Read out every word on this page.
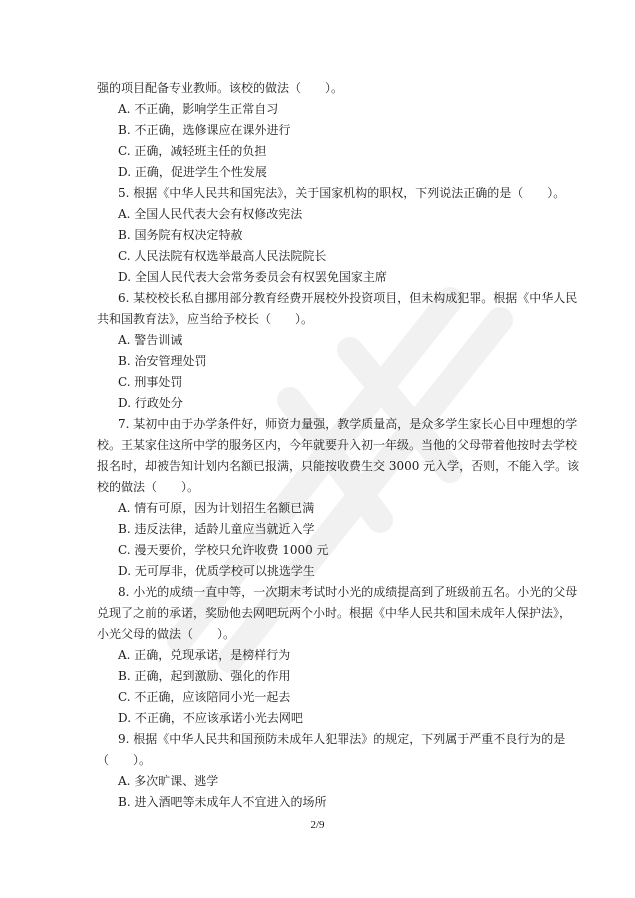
强的项目配备专业教师。该校的做法（　　）。
A. 不正确，影响学生正常自习
B. 不正确，选修课应在课外进行
C. 正确，减轻班主任的负担
D. 正确，促进学生个性发展
5. 根据《中华人民共和国宪法》，关于国家机构的职权，下列说法正确的是（　　）。
A. 全国人民代表大会有权修改宪法
B. 国务院有权决定特赦
C. 人民法院有权选举最高人民法院院长
D. 全国人民代表大会常务委员会有权罢免国家主席
6. 某校校长私自挪用部分教育经费开展校外投资项目，但未构成犯罪。根据《中华人民
共和国教育法》，应当给予校长（　　）。
A. 警告训诫
B. 治安管理处罚
C. 刑事处罚
D. 行政处分
7. 某初中由于办学条件好，师资力量强，教学质量高，是众多学生家长心目中理想的学
校。王某家住这所中学的服务区内，今年就要升入初一年级。当他的父母带着他按时去学校
报名时，却被告知计划内名额已报满，只能按收费生交 3000 元入学，否则，不能入学。该
校的做法（　　）。
A. 情有可原，因为计划招生名额已满
B. 违反法律，适龄儿童应当就近入学
C. 漫天要价，学校只允许收费 1000 元
D. 无可厚非，优质学校可以挑选学生
8. 小光的成绩一直中等，一次期末考试时小光的成绩提高到了班级前五名。小光的父母
兑现了之前的承诺，奖励他去网吧玩两个小时。根据《中华人民共和国未成年人保护法》，
小光父母的做法（　　）。
A. 正确，兑现承诺，是榜样行为
B. 正确，起到激励、强化的作用
C. 不正确，应该陪同小光一起去
D. 不正确，不应该承诺小光去网吧
9. 根据《中华人民共和国预防未成年人犯罪法》的规定，下列属于严重不良行为的是
（　　）。
A. 多次旷课、逃学
B. 进入酒吧等未成年人不宜进入的场所
2/9
